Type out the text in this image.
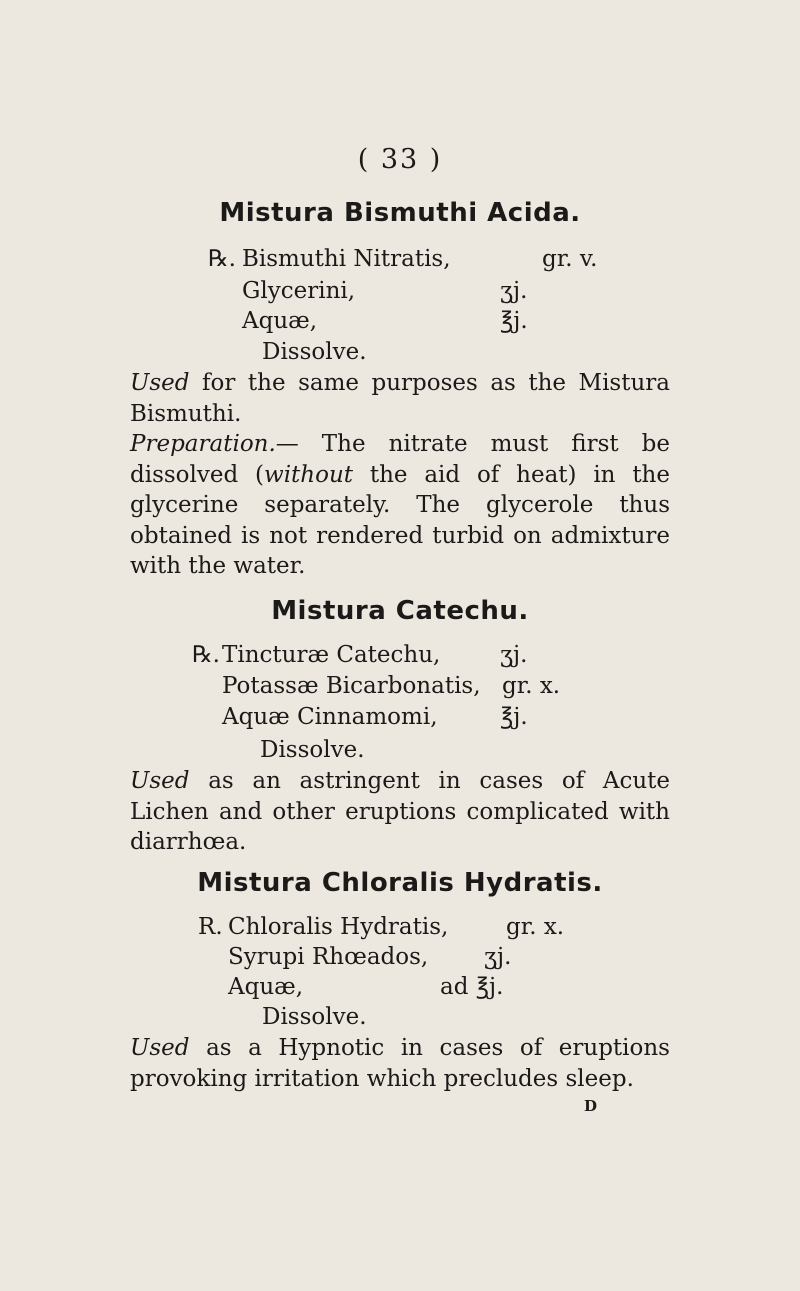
( 33 )
Mistura Bismuthi Acida.
℞. Bismuthi Nitratis,	gr. v.
Glycerini,	ʒj.
Aquæ,	℥j.
Dissolve.
Used for the same purposes as the Mistura
Bismuthi.
Preparation.— The nitrate must first be
dissolved (without the aid of heat) in the
glycerine separately. The glycerole thus
obtained is not rendered turbid on admixture
with the water.
Mistura Catechu.
℞. Tincturæ Catechu,	ʒj.
Potassæ Bicarbonatis, gr. x.
Aquæ Cinnamomi,	℥j.
Dissolve.
Used as an astringent in cases of Acute
Lichen and other eruptions complicated with
diarrhœa.
Mistura Chloralis Hydratis.
R. Chloralis Hydratis,	gr. x.
Syrupi Rhœados, ʒj.
Aquæ,	ad ℥j.
Dissolve.
Used as a Hypnotic in cases of eruptions
provoking irritation which precludes sleep.
D
